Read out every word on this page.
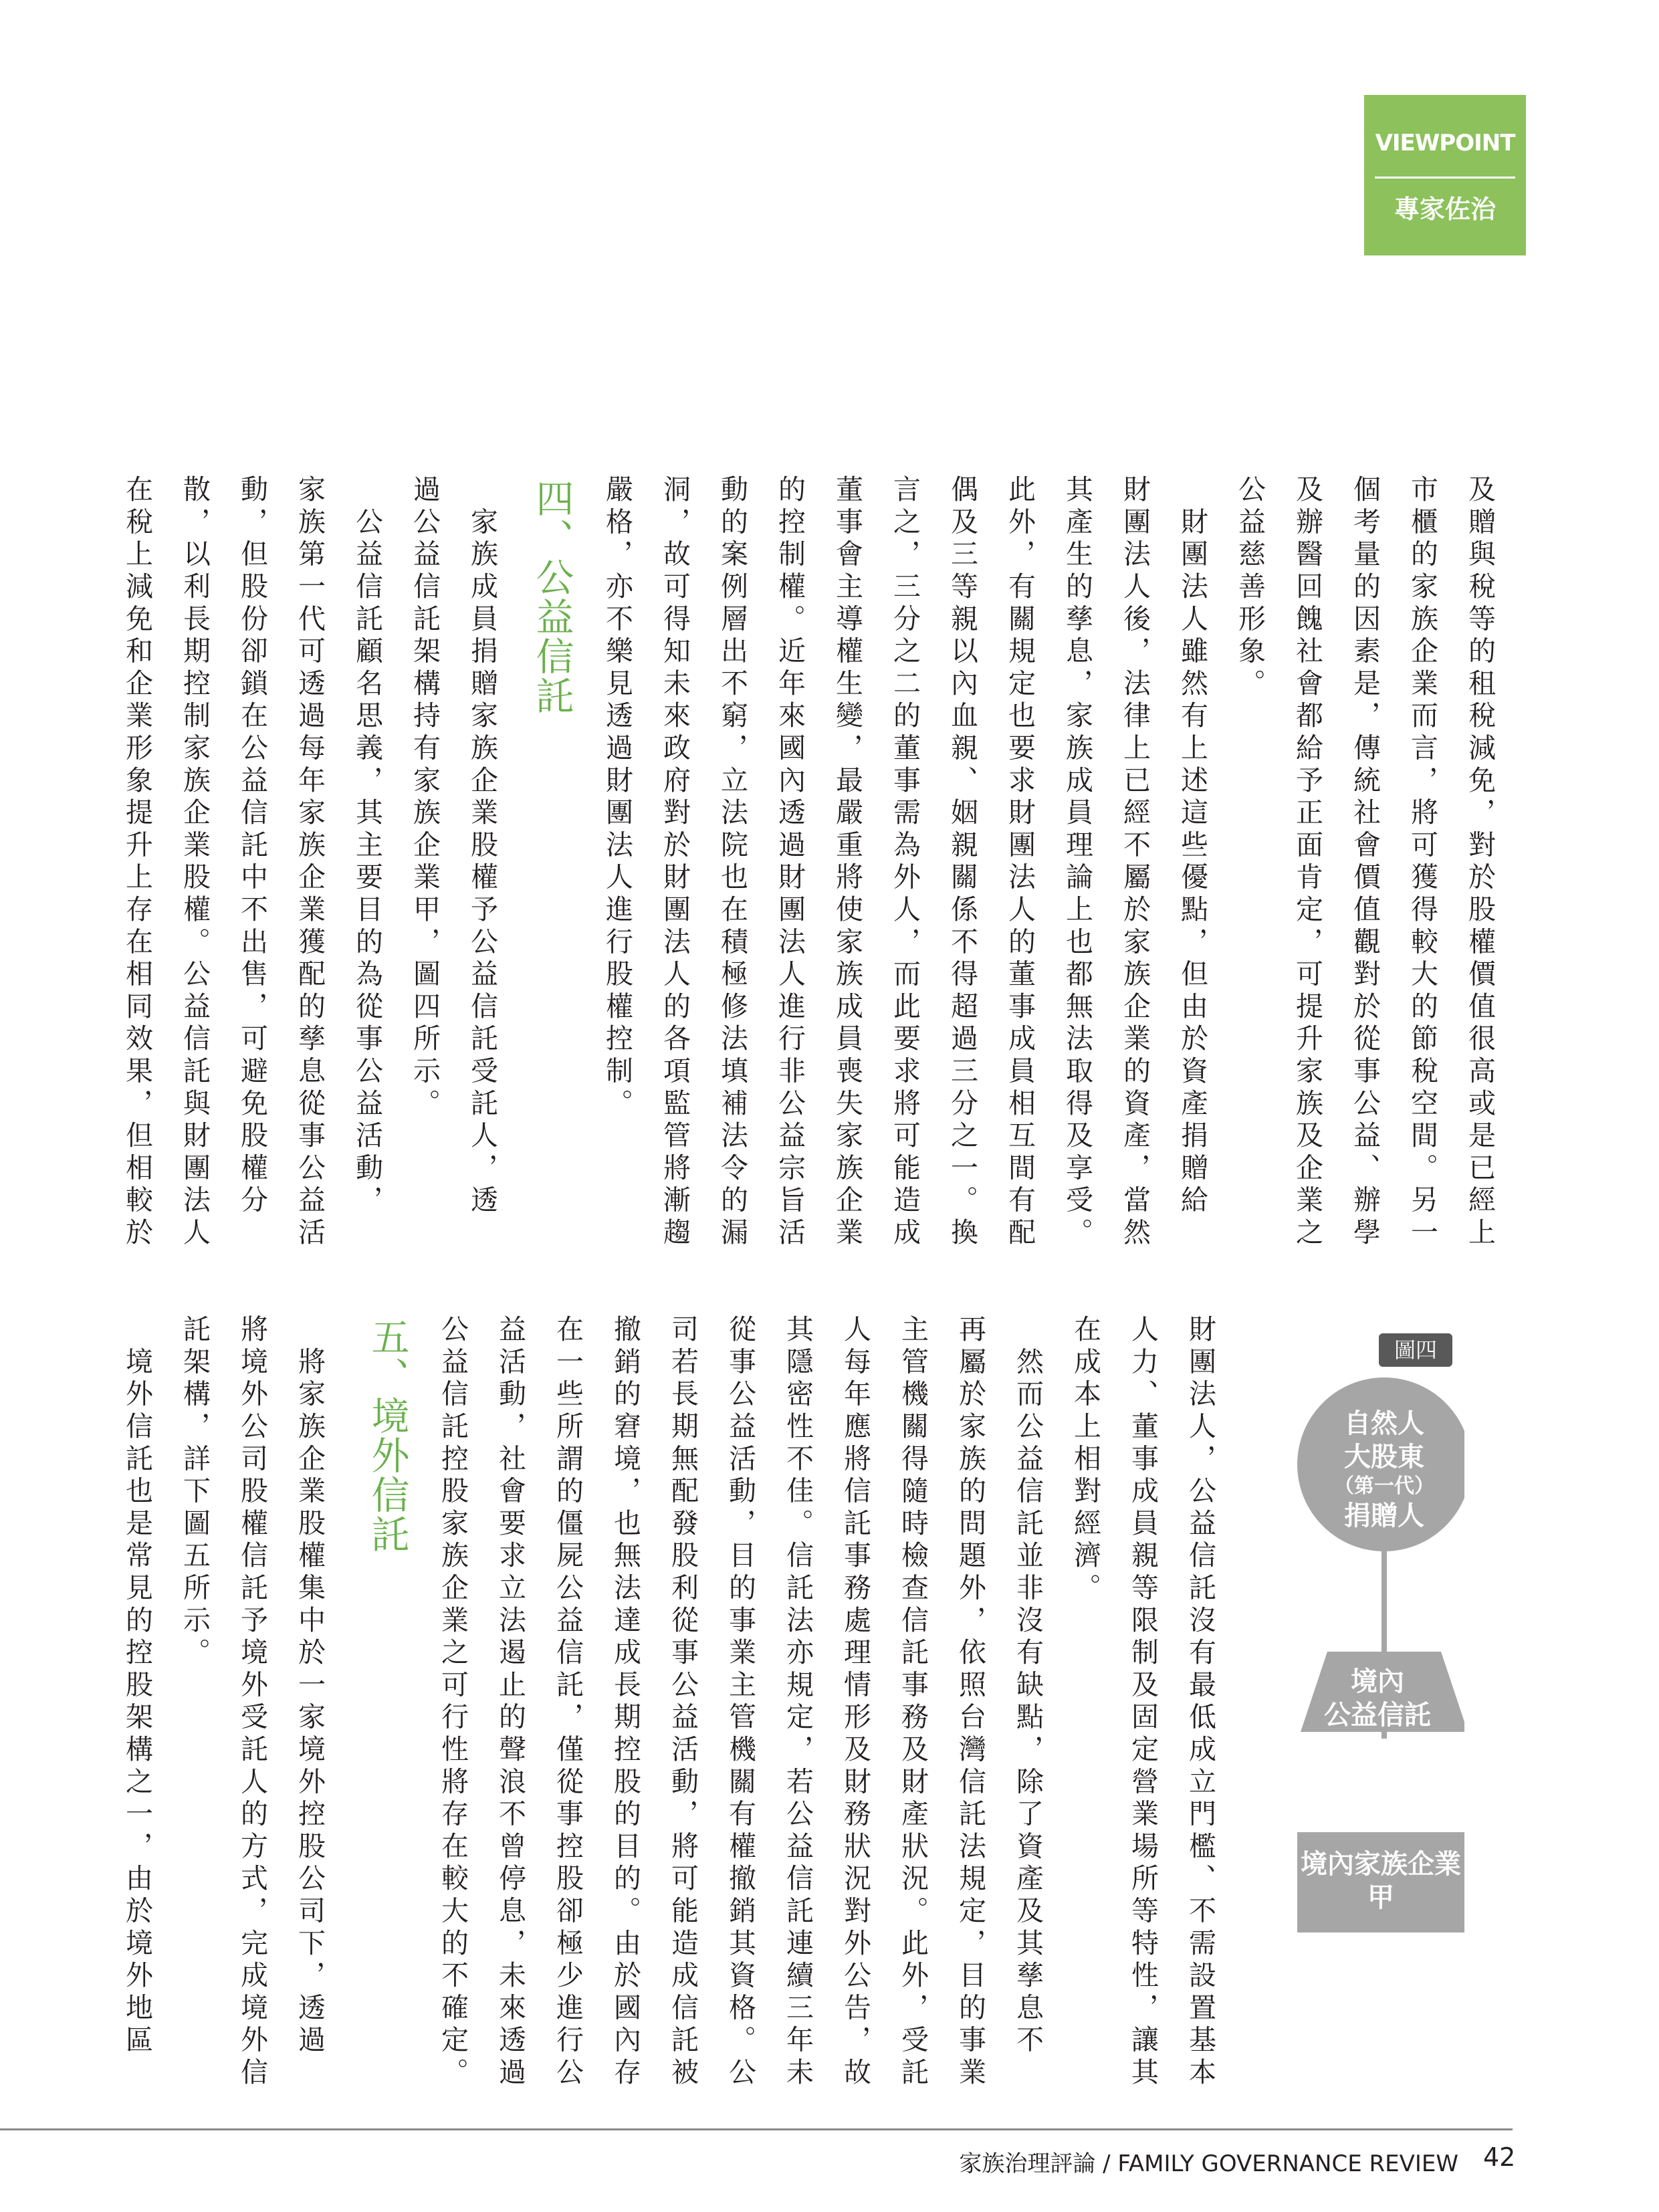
VIEWPOINT
專家佐治

及贈與稅等的租稅減免，對於股權價值很高或是已經上

市櫃的家族企業而言，將可獲得較大的節稅空間。另一

個考量的因素是，傳統社會價值觀對於從事公益、辦學

及辦醫回餽社會都給予正面肯定，可提升家族及企業之

公益慈善形象。

　財團法人雖然有上述這些優點，但由於資產捐贈給

財團法人後，法律上已經不屬於家族企業的資產，當然

其產生的孳息，家族成員理論上也都無法取得及享受。

此外，有關規定也要求財團法人的董事成員相互間有配

偶及三等親以內血親、姻親關係不得超過三分之一。換

言之，三分之二的董事需為外人，而此要求將可能造成

董事會主導權生變，最嚴重將使家族成員喪失家族企業

的控制權。近年來國內透過財團法人進行非公益宗旨活

動的案例層出不窮，立法院也在積極修法填補法令的漏

洞，故可得知未來政府對於財團法人的各項監管將漸趨

嚴格，亦不樂見透過財團法人進行股權控制。

四、公益信託

　家族成員捐贈家族企業股權予公益信託受託人，透

過公益信託架構持有家族企業甲，圖四所示。

　公益信託顧名思義，其主要目的為從事公益活動，

家族第一代可透過每年家族企業獲配的孳息從事公益活

動，但股份卻鎖在公益信託中不出售，可避免股權分

散，以利長期控制家族企業股權。公益信託與財團法人

在稅上減免和企業形象提升上存在相同效果，但相較於

財團法人，公益信託沒有最低成立門檻、不需設置基本

人力、董事成員親等限制及固定營業場所等特性，讓其

在成本上相對經濟。

　然而公益信託並非沒有缺點，除了資產及其孳息不

再屬於家族的問題外，依照台灣信託法規定，目的事業

主管機關得隨時檢查信託事務及財產狀況。此外，受託

人每年應將信託事務處理情形及財務狀況對外公告，故

其隱密性不佳。信託法亦規定，若公益信託連續三年未

從事公益活動，目的事業主管機關有權撤銷其資格。公

司若長期無配發股利從事公益活動，將可能造成信託被

撤銷的窘境，也無法達成長期控股的目的。由於國內存

在一些所謂的僵屍公益信託，僅從事控股卻極少進行公

益活動，社會要求立法遏止的聲浪不曾停息，未來透過

公益信託控股家族企業之可行性將存在較大的不確定。

五、境外信託

　將家族企業股權集中於一家境外控股公司下，透過

將境外公司股權信託予境外受託人的方式，完成境外信

託架構，詳下圖五所示。

　境外信託也是常見的控股架構之一，由於境外地區	圖四
自然人
大股東
（第一代）
捐贈人
境內
公益信託
境內家族企業
甲
家族治理評論 / FAMILY GOVERNANCE REVIEW 42
